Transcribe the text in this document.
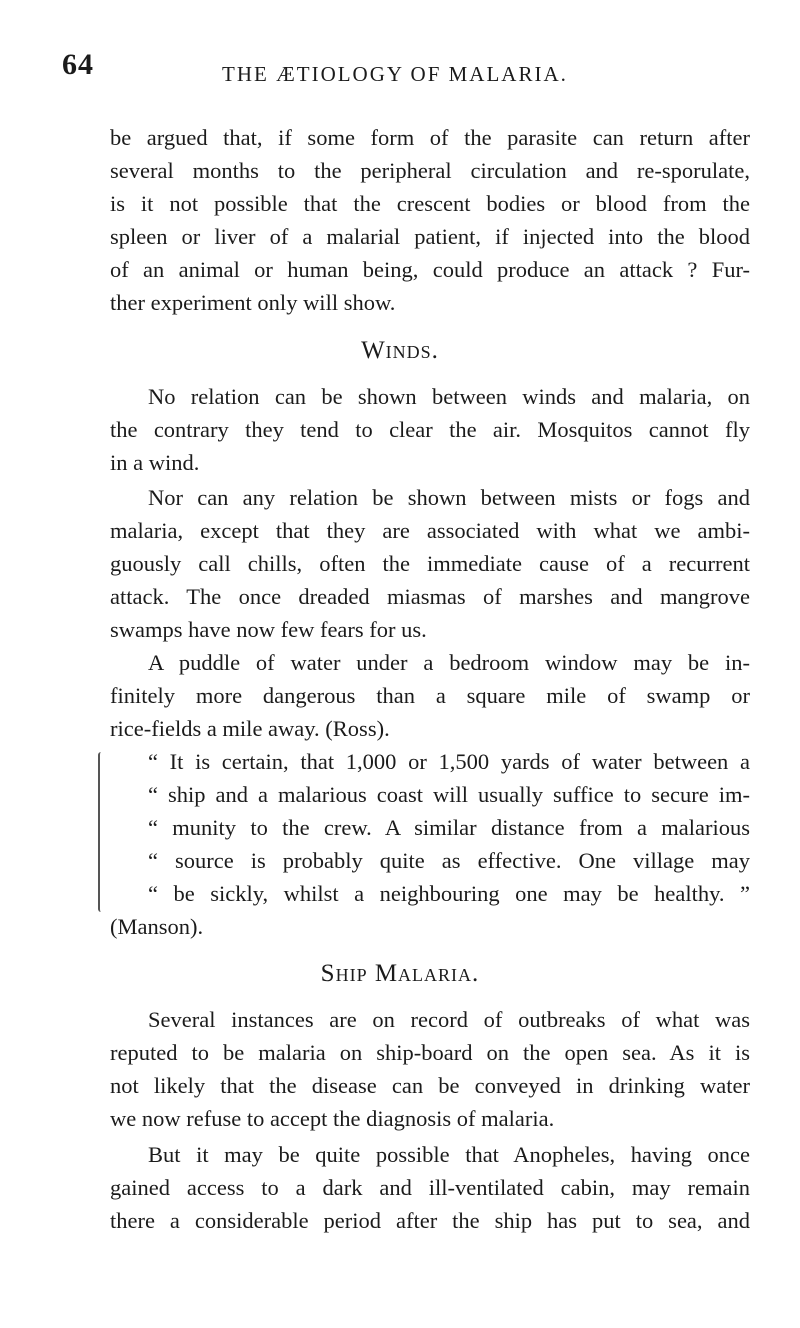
64	THE ÆTIOLOGY OF MALARIA.
be argued that, if some form of the parasite can return after
several months to the peripheral circulation and re-sporulate,
is it not possible that the crescent bodies or blood from the
spleen or liver of a malarial patient, if injected into the blood
of an animal or human being, could produce an attack ? Fur-
ther experiment only will show.
Winds.
No relation can be shown between winds and malaria, on
the contrary they tend to clear the air. Mosquitos cannot fly
in a wind.
Nor can any relation be shown between mists or fogs and
malaria, except that they are associated with what we ambi-
guously call chills, often the immediate cause of a recurrent
attack. The once dreaded miasmas of marshes and mangrove
swamps have now few fears for us.
A puddle of water under a bedroom window may be in-
finitely more dangerous than a square mile of swamp or
rice-fields a mile away. (Ross).
“ It is certain, that 1,000 or 1,500 yards of water between a
“ ship and a malarious coast will usually suffice to secure im-
“ munity to the crew. A similar distance from a malarious
“ source is probably quite as effective. One village may
“ be sickly, whilst a neighbouring one may be healthy. ”
(Manson).
Ship Malaria.
Several instances are on record of outbreaks of what was
reputed to be malaria on ship-board on the open sea. As it is
not likely that the disease can be conveyed in drinking water
we now refuse to accept the diagnosis of malaria.
But it may be quite possible that Anopheles, having once
gained access to a dark and ill-ventilated cabin, may remain
there a considerable period after the ship has put to sea, and
